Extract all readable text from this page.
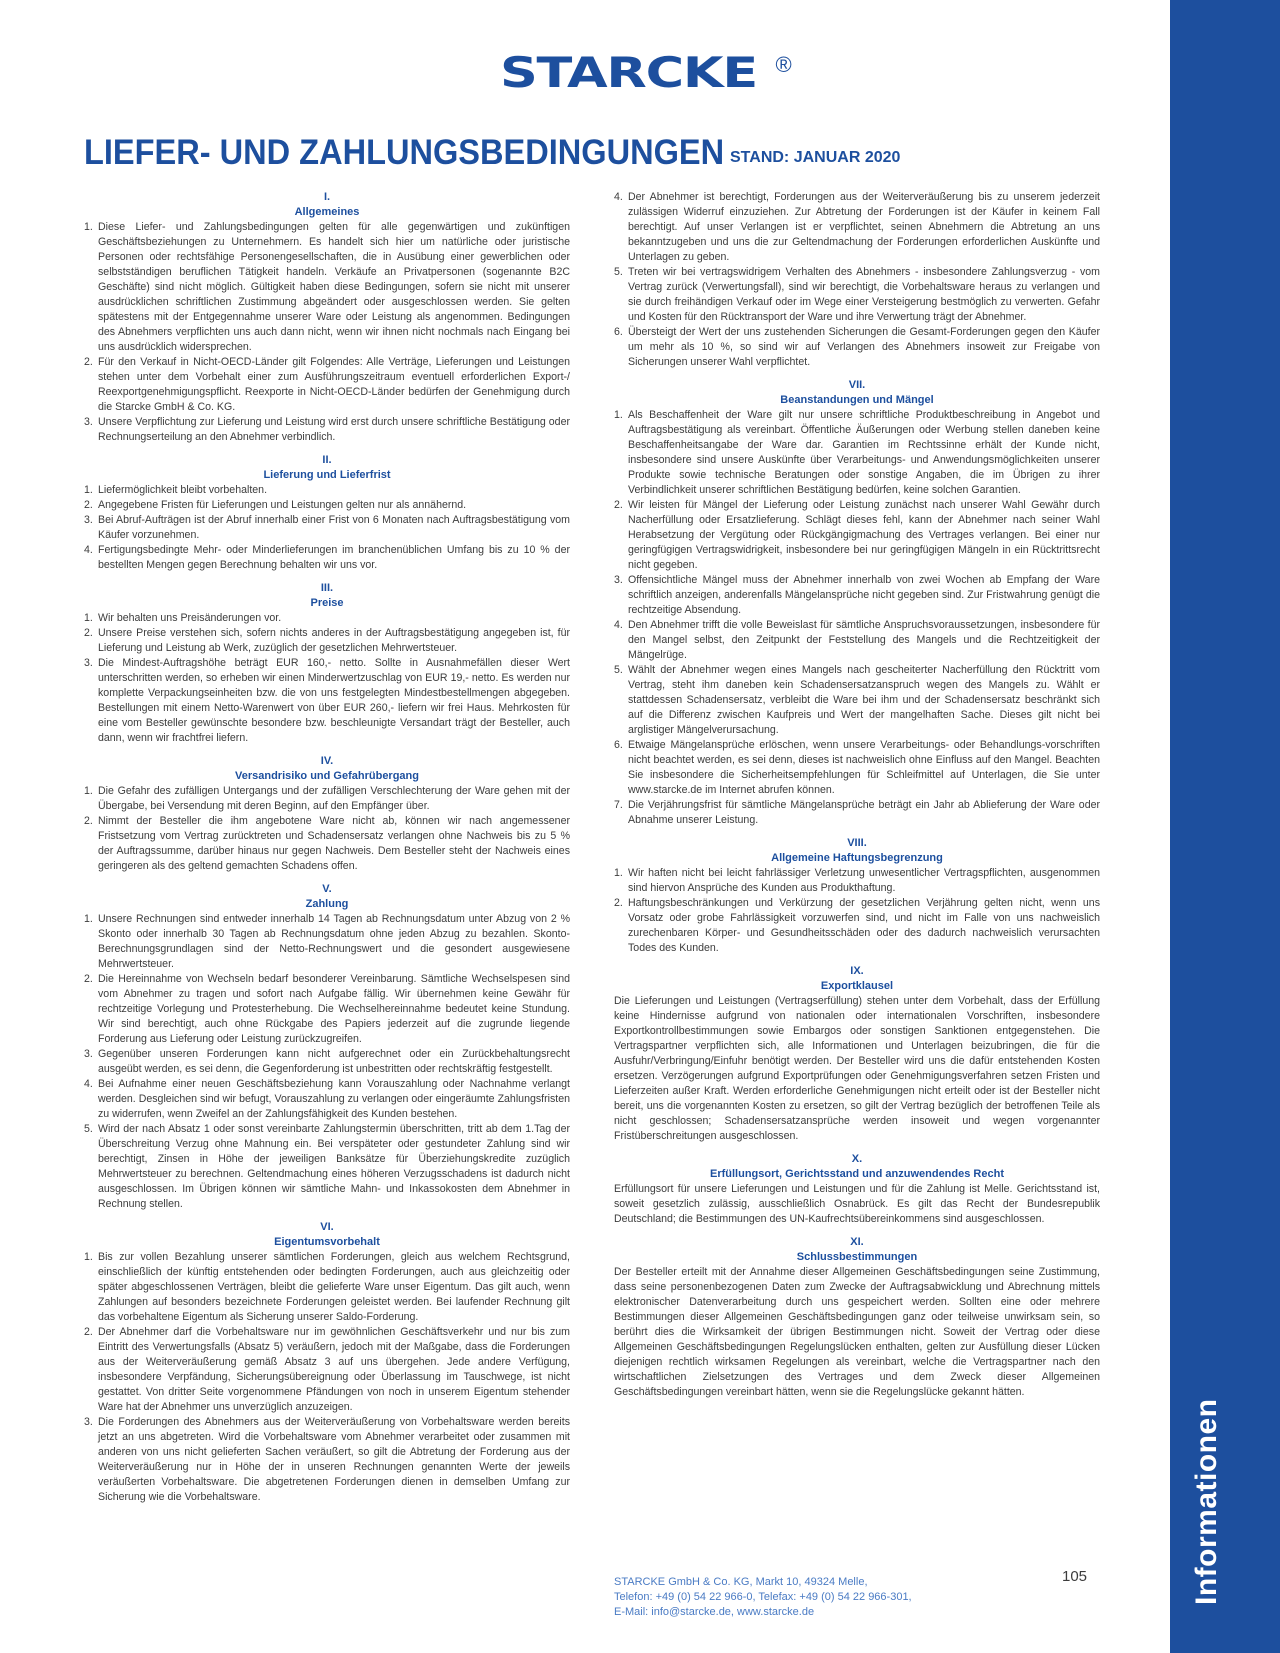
Informationen
STARCKE ®
LIEFER- UND ZAHLUNGSBEDINGUNGEN STAND: JANUAR 2020
I.
Allgemeines
1. Diese Liefer- und Zahlungsbedingungen gelten für alle gegenwärtigen und zukünftigen Geschäftsbeziehungen zu Unternehmern. Es handelt sich hier um natürliche oder juristische Personen oder rechtsfähige Personengesellschaften, die in Ausübung einer gewerblichen oder selbstständigen beruflichen Tätigkeit handeln. Verkäufe an Privatpersonen (sogenannte B2C Geschäfte) sind nicht möglich. Gültigkeit haben diese Bedingungen, sofern sie nicht mit unserer ausdrücklichen schriftlichen Zustimmung abgeändert oder ausgeschlossen werden. Sie gelten spätestens mit der Entgegennahme unserer Ware oder Leistung als angenommen. Bedingungen des Abnehmers verpflichten uns auch dann nicht, wenn wir ihnen nicht nochmals nach Eingang bei uns ausdrücklich widersprechen.
2. Für den Verkauf in Nicht-OECD-Länder gilt Folgendes: Alle Verträge, Lieferungen und Leistungen stehen unter dem Vorbehalt einer zum Ausführungszeitraum eventuell erforderlichen Export-/ Reexportgenehmigungspflicht. Reexporte in Nicht-OECD-Länder bedürfen der Genehmigung durch die Starcke GmbH & Co. KG.
3. Unsere Verpflichtung zur Lieferung und Leistung wird erst durch unsere schriftliche Bestätigung oder Rechnungserteilung an den Abnehmer verbindlich.
II.
Lieferung und Lieferfrist
1. Liefermöglichkeit bleibt vorbehalten.
2. Angegebene Fristen für Lieferungen und Leistungen gelten nur als annähernd.
3. Bei Abruf-Aufträgen ist der Abruf innerhalb einer Frist von 6 Monaten nach Auftragsbestätigung vom Käufer vorzunehmen.
4. Fertigungsbedingte Mehr- oder Minderlieferungen im branchenüblichen Umfang bis zu 10 % der bestellten Mengen gegen Berechnung behalten wir uns vor.
III.
Preise
1. Wir behalten uns Preisänderungen vor.
2. Unsere Preise verstehen sich, sofern nichts anderes in der Auftragsbestätigung angegeben ist, für Lieferung und Leistung ab Werk, zuzüglich der gesetzlichen Mehrwertsteuer.
3. Die Mindest-Auftragshöhe beträgt EUR 160,- netto. Sollte in Ausnahmefällen dieser Wert unterschritten werden, so erheben wir einen Minderwertzuschlag von EUR 19,- netto. Es werden nur komplette Verpackungseinheiten bzw. die von uns festgelegten Mindestbestellmengen abgegeben. Bestellungen mit einem Netto-Warenwert von über EUR 260,- liefern wir frei Haus. Mehrkosten für eine vom Besteller gewünschte besondere bzw. beschleunigte Versandart trägt der Besteller, auch dann, wenn wir frachtfrei liefern.
IV.
Versandrisiko und Gefahrübergang
1. Die Gefahr des zufälligen Untergangs und der zufälligen Verschlechterung der Ware gehen mit der Übergabe, bei Versendung mit deren Beginn, auf den Empfänger über.
2. Nimmt der Besteller die ihm angebotene Ware nicht ab, können wir nach angemessener Fristsetzung vom Vertrag zurücktreten und Schadensersatz verlangen ohne Nachweis bis zu 5 % der Auftragssumme, darüber hinaus nur gegen Nachweis. Dem Besteller steht der Nachweis eines geringeren als des geltend gemachten Schadens offen.
V.
Zahlung
1. Unsere Rechnungen sind entweder innerhalb 14 Tagen ab Rechnungsdatum unter Abzug von 2 % Skonto oder innerhalb 30 Tagen ab Rechnungsdatum ohne jeden Abzug zu bezahlen. Skonto-Berechnungsgrundlagen sind der Netto-Rechnungswert und die gesondert ausgewiesene Mehrwertsteuer.
2. Die Hereinnahme von Wechseln bedarf besonderer Vereinbarung. Sämtliche Wechselspesen sind vom Abnehmer zu tragen und sofort nach Aufgabe fällig. Wir übernehmen keine Gewähr für rechtzeitige Vorlegung und Protesterhebung. Die Wechselhereinnahme bedeutet keine Stundung. Wir sind berechtigt, auch ohne Rückgabe des Papiers jederzeit auf die zugrunde liegende Forderung aus Lieferung oder Leistung zurückzugreifen.
3. Gegenüber unseren Forderungen kann nicht aufgerechnet oder ein Zurückbehaltungsrecht ausgeübt werden, es sei denn, die Gegenforderung ist unbestritten oder rechtskräftig festgestellt.
4. Bei Aufnahme einer neuen Geschäftsbeziehung kann Vorauszahlung oder Nachnahme verlangt werden. Desgleichen sind wir befugt, Vorauszahlung zu verlangen oder eingeräumte Zahlungsfristen zu widerrufen, wenn Zweifel an der Zahlungsfähigkeit des Kunden bestehen.
5. Wird der nach Absatz 1 oder sonst vereinbarte Zahlungstermin überschritten, tritt ab dem 1.Tag der Überschreitung Verzug ohne Mahnung ein. Bei verspäteter oder gestundeter Zahlung sind wir berechtigt, Zinsen in Höhe der jeweiligen Banksätze für Überziehungskredite zuzüglich Mehrwertsteuer zu berechnen. Geltendmachung eines höheren Verzugsschadens ist dadurch nicht ausgeschlossen. Im Übrigen können wir sämtliche Mahn- und Inkassokosten dem Abnehmer in Rechnung stellen.
VI.
Eigentumsvorbehalt
1. Bis zur vollen Bezahlung unserer sämtlichen Forderungen, gleich aus welchem Rechtsgrund, einschließlich der künftig entstehenden oder bedingten Forderungen, auch aus gleichzeitig oder später abgeschlossenen Verträgen, bleibt die gelieferte Ware unser Eigentum. Das gilt auch, wenn Zahlungen auf besonders bezeichnete Forderungen geleistet werden. Bei laufender Rechnung gilt das vorbehaltene Eigentum als Sicherung unserer Saldo-Forderung.
2. Der Abnehmer darf die Vorbehaltsware nur im gewöhnlichen Geschäftsverkehr und nur bis zum Eintritt des Verwertungsfalls (Absatz 5) veräußern, jedoch mit der Maßgabe, dass die Forderungen aus der Weiterveräußerung gemäß Absatz 3 auf uns übergehen. Jede andere Verfügung, insbesondere Verpfändung, Sicherungsübereignung oder Überlassung im Tauschwege, ist nicht gestattet. Von dritter Seite vorgenommene Pfändungen von noch in unserem Eigentum stehender Ware hat der Abnehmer uns unverzüglich anzuzeigen.
3. Die Forderungen des Abnehmers aus der Weiterveräußerung von Vorbehaltsware werden bereits jetzt an uns abgetreten. Wird die Vorbehaltsware vom Abnehmer verarbeitet oder zusammen mit anderen von uns nicht gelieferten Sachen veräußert, so gilt die Abtretung der Forderung aus der Weiterveräußerung nur in Höhe der in unseren Rechnungen genannten Werte der jeweils veräußerten Vorbehaltsware. Die abgetretenen Forderungen dienen in demselben Umfang zur Sicherung wie die Vorbehaltsware.
4. Der Abnehmer ist berechtigt, Forderungen aus der Weiterveräußerung bis zu unserem jederzeit zulässigen Widerruf einzuziehen. Zur Abtretung der Forderungen ist der Käufer in keinem Fall berechtigt. Auf unser Verlangen ist er verpflichtet, seinen Abnehmern die Abtretung an uns bekanntzugeben und uns die zur Geltendmachung der Forderungen erforderlichen Auskünfte und Unterlagen zu geben.
5. Treten wir bei vertragswidrigem Verhalten des Abnehmers - insbesondere Zahlungsverzug - vom Vertrag zurück (Verwertungsfall), sind wir berechtigt, die Vorbehaltsware heraus zu verlangen und sie durch freihändigen Verkauf oder im Wege einer Versteigerung bestmöglich zu verwerten. Gefahr und Kosten für den Rücktransport der Ware und ihre Verwertung trägt der Abnehmer.
6. Übersteigt der Wert der uns zustehenden Sicherungen die Gesamt-Forderungen gegen den Käufer um mehr als 10 %, so sind wir auf Verlangen des Abnehmers insoweit zur Freigabe von Sicherungen unserer Wahl verpflichtet.
VII.
Beanstandungen und Mängel
1. Als Beschaffenheit der Ware gilt nur unsere schriftliche Produktbeschreibung in Angebot und Auftragsbestätigung als vereinbart. Öffentliche Äußerungen oder Werbung stellen daneben keine Beschaffenheitsangabe der Ware dar. Garantien im Rechtssinne erhält der Kunde nicht, insbesondere sind unsere Auskünfte über Verarbeitungs- und Anwendungsmöglichkeiten unserer Produkte sowie technische Beratungen oder sonstige Angaben, die im Übrigen zu ihrer Verbindlichkeit unserer schriftlichen Bestätigung bedürfen, keine solchen Garantien.
2. Wir leisten für Mängel der Lieferung oder Leistung zunächst nach unserer Wahl Gewähr durch Nacherfüllung oder Ersatzlieferung. Schlägt dieses fehl, kann der Abnehmer nach seiner Wahl Herabsetzung der Vergütung oder Rückgängigmachung des Vertrages verlangen. Bei einer nur geringfügigen Vertragswidrigkeit, insbesondere bei nur geringfügigen Mängeln in ein Rücktrittsrecht nicht gegeben.
3. Offensichtliche Mängel muss der Abnehmer innerhalb von zwei Wochen ab Empfang der Ware schriftlich anzeigen, anderenfalls Mängelansprüche nicht gegeben sind. Zur Fristwahrung genügt die rechtzeitige Absendung.
4. Den Abnehmer trifft die volle Beweislast für sämtliche Anspruchsvoraussetzungen, insbesondere für den Mangel selbst, den Zeitpunkt der Feststellung des Mangels und die Rechtzeitigkeit der Mängelrüge.
5. Wählt der Abnehmer wegen eines Mangels nach gescheiterter Nacherfüllung den Rücktritt vom Vertrag, steht ihm daneben kein Schadensersatzanspruch wegen des Mangels zu. Wählt er stattdessen Schadensersatz, verbleibt die Ware bei ihm und der Schadensersatz beschränkt sich auf die Differenz zwischen Kaufpreis und Wert der mangelhaften Sache. Dieses gilt nicht bei arglistiger Mängelverursachung.
6. Etwaige Mängelansprüche erlöschen, wenn unsere Verarbeitungs- oder Behandlungs-vorschriften nicht beachtet werden, es sei denn, dieses ist nachweislich ohne Einfluss auf den Mangel. Beachten Sie insbesondere die Sicherheitsempfehlungen für Schleifmittel auf Unterlagen, die Sie unter www.starcke.de im Internet abrufen können.
7. Die Verjährungsfrist für sämtliche Mängelansprüche beträgt ein Jahr ab Ablieferung der Ware oder Abnahme unserer Leistung.
VIII.
Allgemeine Haftungsbegrenzung
1. Wir haften nicht bei leicht fahrlässiger Verletzung unwesentlicher Vertragspflichten, ausgenommen sind hiervon Ansprüche des Kunden aus Produkthaftung.
2. Haftungsbeschränkungen und Verkürzung der gesetzlichen Verjährung gelten nicht, wenn uns Vorsatz oder grobe Fahrlässigkeit vorzuwerfen sind, und nicht im Falle von uns nachweislich zurechenbaren Körper- und Gesundheitsschäden oder des dadurch nachweislich verursachten Todes des Kunden.
IX.
Exportklausel
Die Lieferungen und Leistungen (Vertragserfüllung) stehen unter dem Vorbehalt, dass der Erfüllung keine Hindernisse aufgrund von nationalen oder internationalen Vorschriften, insbesondere Exportkontrollbestimmungen sowie Embargos oder sonstigen Sanktionen entgegenstehen. Die Vertragspartner verpflichten sich, alle Informationen und Unterlagen beizubringen, die für die Ausfuhr/Verbringung/Einfuhr benötigt werden. Der Besteller wird uns die dafür entstehenden Kosten ersetzen. Verzögerungen aufgrund Exportprüfungen oder Genehmigungsverfahren setzen Fristen und Lieferzeiten außer Kraft. Werden erforderliche Genehmigungen nicht erteilt oder ist der Besteller nicht bereit, uns die vorgenannten Kosten zu ersetzen, so gilt der Vertrag bezüglich der betroffenen Teile als nicht geschlossen; Schadensersatzansprüche werden insoweit und wegen vorgenannter Fristüberschreitungen ausgeschlossen.
X.
Erfüllungsort, Gerichtsstand und anzuwendendes Recht
Erfüllungsort für unsere Lieferungen und Leistungen und für die Zahlung ist Melle. Gerichtsstand ist, soweit gesetzlich zulässig, ausschließlich Osnabrück. Es gilt das Recht der Bundesrepublik Deutschland; die Bestimmungen des UN-Kaufrechtsübereinkommens sind ausgeschlossen.
XI.
Schlussbestimmungen
Der Besteller erteilt mit der Annahme dieser Allgemeinen Geschäftsbedingungen seine Zustimmung, dass seine personenbezogenen Daten zum Zwecke der Auftragsabwicklung und Abrechnung mittels elektronischer Datenverarbeitung durch uns gespeichert werden. Sollten eine oder mehrere Bestimmungen dieser Allgemeinen Geschäftsbedingungen ganz oder teilweise unwirksam sein, so berührt dies die Wirksamkeit der übrigen Bestimmungen nicht. Soweit der Vertrag oder diese Allgemeinen Geschäftsbedingungen Regelungslücken enthalten, gelten zur Ausfüllung dieser Lücken diejenigen rechtlich wirksamen Regelungen als vereinbart, welche die Vertragspartner nach den wirtschaftlichen Zielsetzungen des Vertrages und dem Zweck dieser Allgemeinen Geschäftsbedingungen vereinbart hätten, wenn sie die Regelungslücke gekannt hätten.
STARCKE GmbH & Co. KG, Markt 10, 49324 Melle,
Telefon: +49 (0) 54 22 966-0, Telefax: +49 (0) 54 22 966-301,
E-Mail: info@starcke.de, www.starcke.de
105
